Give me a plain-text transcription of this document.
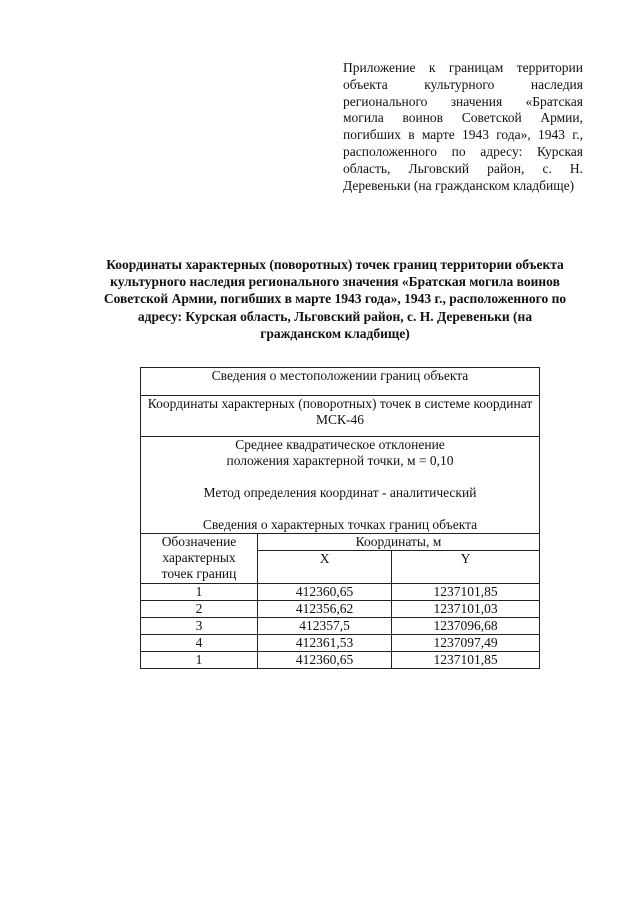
Приложение к границам территории объекта культурного наследия регионального значения «Братская могила воинов Советской Армии, погибших в марте 1943 года», 1943 г., расположенного по адресу: Курская область, Льговский район, с. Н. Деревеньки (на гражданском кладбище)
Координаты характерных (поворотных) точек границ территории объекта культурного наследия регионального значения «Братская могила воинов Советской Армии, погибших в марте 1943 года», 1943 г., расположенного по адресу: Курская область, Льговский район, с. Н. Деревеньки (на гражданском кладбище)
Сведения о местоположении границ объекта		
Координаты характерных (поворотных) точек в системе координат МСК-46		

Среднее квадратическое отклонение
положения характерной точки, м = 0,10
Метод определения координат - аналитический
Сведения о характерных точках границ объекта		

Обозначение характерных точек границ	Координаты, м	
	X	Y
1	412360,65	1237101,85
2	412356,62	1237101,03
3	412357,5	1237096,68
4	412361,53	1237097,49
1	412360,65	1237101,85
